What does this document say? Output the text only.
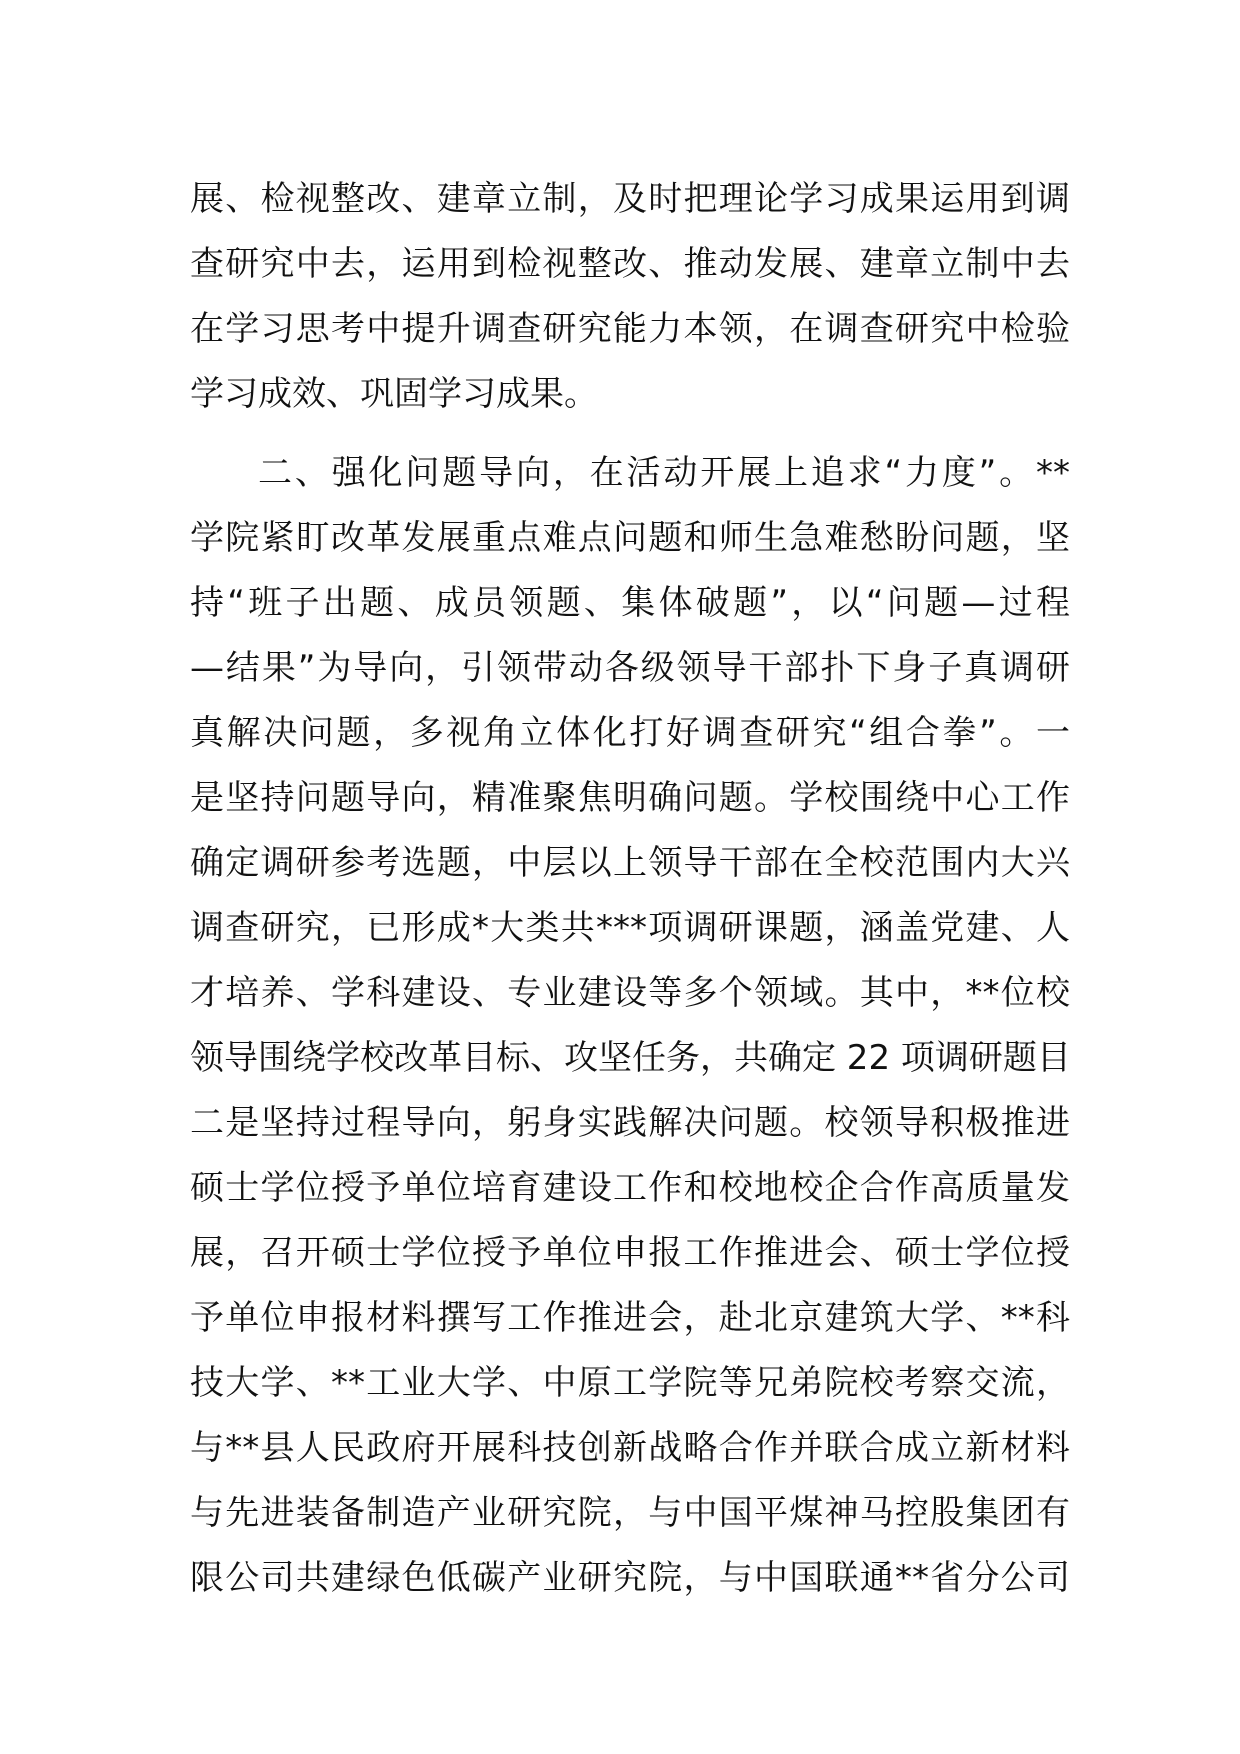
展、检视整改、建章立制，及时把理论学习成果运用到调
查研究中去，运用到检视整改、推动发展、建章立制中去
在学习思考中提升调查研究能力本领，在调查研究中检验
学习成效、巩固学习成果。
二、强化问题导向，在活动开展上追求“力度”。**
学院紧盯改革发展重点难点问题和师生急难愁盼问题，坚
持“班子出题、成员领题、集体破题”，以“问题—过程
—结果”为导向，引领带动各级领导干部扑下身子真调研
真解决问题，多视角立体化打好调查研究“组合拳”。一
是坚持问题导向，精准聚焦明确问题。学校围绕中心工作
确定调研参考选题，中层以上领导干部在全校范围内大兴
调查研究，已形成*大类共***项调研课题，涵盖党建、人
才培养、学科建设、专业建设等多个领域。其中，**位校
领导围绕学校改革目标、攻坚任务，共确定 22 项调研题目
二是坚持过程导向，躬身实践解决问题。校领导积极推进
硕士学位授予单位培育建设工作和校地校企合作高质量发
展，召开硕士学位授予单位申报工作推进会、硕士学位授
予单位申报材料撰写工作推进会，赴北京建筑大学、**科
技大学、**工业大学、中原工学院等兄弟院校考察交流，
与**县人民政府开展科技创新战略合作并联合成立新材料
与先进装备制造产业研究院，与中国平煤神马控股集团有
限公司共建绿色低碳产业研究院，与中国联通**省分公司
